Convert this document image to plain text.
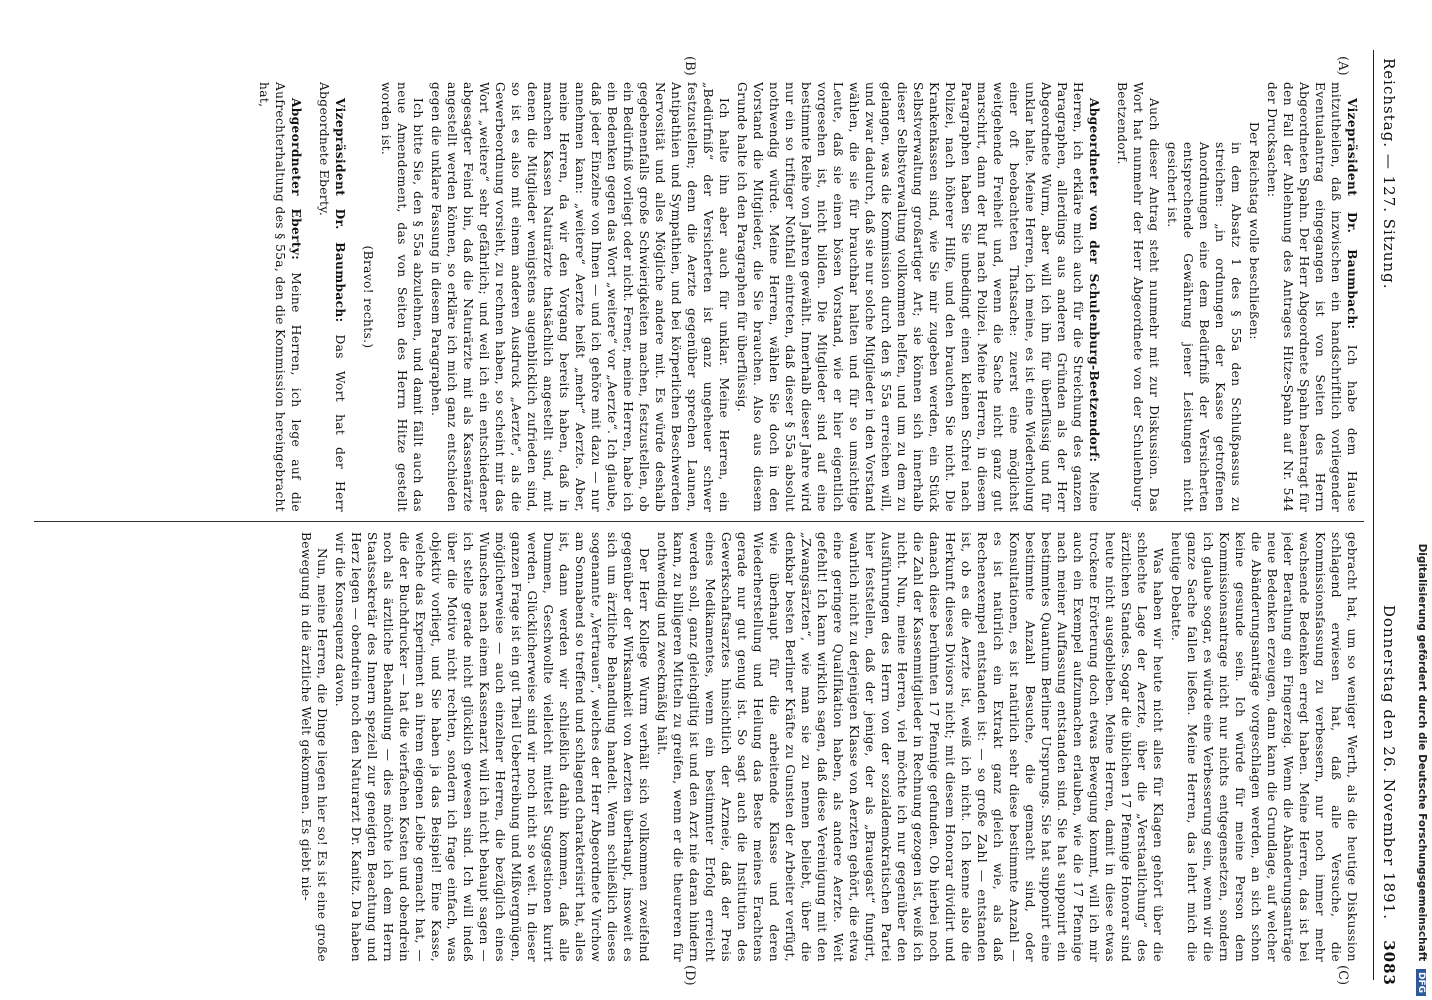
Reichstag. — 127. Sitzung.
Donnerstag den 26. November 1891.
3083
(A)
(B)
(C)
(D)

Vizepräsident Dr. Baumbach: Ich habe dem Hause mitzutheilen, daß inzwischen ein handschriftlich vorliegender Eventualantrag eingegangen ist von Seiten des Herrn Abgeordneten Spahn. Der Herr Abgeordnete Spahn beantragt für den Fall der Ablehnung des Antrages Hitze-Spahn auf Nr. 544 der Drucksachen:

Der Reichstag wolle beschließen:

in dem Absatz 1 des § 55a den Schlußpassus zu streichen: „in ordnungen der Kasse getroffenen Anordnungen eine dem Bedürfniß der Versicherten entsprechende Gewährung jener Leistungen nicht gesichert ist.

Auch dieser Antrag steht nunmehr mit zur Diskussion. Das Wort hat nunmehr der Herr Abgeordnete von der Schulenburg-Beetzendorf.

Abgeordneter von der Schulenburg-Beetzendorf: Meine Herren, ich erkläre mich auch für die Streichung des ganzen Paragraphen, allerdings aus anderen Gründen als der Herr Abgeordnete Wurm, aber will ich ihn für überflüssig und für unklar halte. Meine Herren, ich meine, es ist eine Wiederholung einer oft beobachteten Thatsache: zuerst eine möglichst weitgehende Freiheit und, wenn die Sache nicht ganz gut marschirt, dann der Ruf nach Polizei. Meine Herren, in diesem Paragraphen haben Sie unbedingt einen kleinen Schrei nach Polizei, nach höherer Hilfe, und den brauchen Sie nicht. Die Krankenkassen sind, wie Sie mir zugeben werden, ein Stück Selbstverwaltung großartiger Art; sie können sich innerhalb dieser Selbstverwaltung vollkommen helfen, und um zu dem zu gelangen, was die Kommission durch den § 55a erreichen will, und zwar dadurch, daß sie nur solche Mitglieder in den Vorstand wählen, die sie für brauchbar halten und für so umsichtige Leute, daß sie einen bösen Vorstand, wie er hier eigentlich vorgesehen ist, nicht bilden. Die Mitglieder sind auf eine bestimmte Reihe von Jahren gewählt. Innerhalb dieser Jahre wird nur ein so triftiger Nothfall eintreten, daß dieser § 55a absolut nothwendig würde. Meine Herren, wählen Sie doch in den Vorstand die Mitglieder, die Sie brauchen. Also aus diesem Grunde halte ich den Paragraphen für überflüssig.

Ich halte ihn aber auch für unklar. Meine Herren, ein „Bedürfniß“ der Versicherten ist ganz ungeheuer schwer festzustellen; denn die Aerzte gegenüber sprechen Launen, Antipathien und Sympathien, und bei körperlichen Beschwerden Nervosität und alles Mögliche andere mit. Es würde deshalb gegebenenfalls große Schwierigkeiten machen, festzustellen, ob ein Bedürfniß vorliegt oder nicht. Ferner, meine Herren, habe ich ein Bedenken gegen das Wort „weitere“ vor „Aerzte“. Ich glaube, daß jeder Einzelne von Ihnen — und ich gehöre mit dazu — nur annehmen kann: „weitere“ Aerzte heißt „mehr“ Aerzte. Aber, meine Herren, da wir den Vorgang bereits haben, daß in manchen Kassen Naturärzte thatsächlich angestellt sind, mit denen die Mitglieder wenigstens augenblicklich zufrieden sind, so ist es also mit einem anderen Ausdruck „Aerzte“, als die Gewerbeordnung vorsieht, zu rechnen haben, so scheint mir das Wort „weitere“ sehr gefährlich; und weil ich ein entschiedener abgesagter Feind bin, daß die Naturärzte mit als Kassenärzte angestellt werden können, so erkläre ich mich ganz entschieden gegen die unklare Fassung in diesem Paragraphen.

Ich bitte Sie, den § 55a abzulehnen, und damit fällt auch das neue Amendement, das von Seiten des Herrn Hitze gestellt worden ist.

(Bravo! rechts.)

Vizepräsident Dr. Baumbach: Das Wort hat der Herr Abgeordnete Eberty.

Abgeordneter Eberty: Meine Herren, ich lege auf die Aufrechterhaltung des § 55a, den die Kommission hereingebracht hat,

gebracht hat, um so weniger Werth, als die heutige Diskussion schlagend erwiesen hat, daß alle Versuche, die Kommissionsfassung zu verbessern, nur noch immer mehr wachsende Bedenken erregt haben. Meine Herren, das ist bei jeder Berathung ein Fingerzeig. Wenn die Abänderungsanträge neue Bedenken erzeugen, dann kann die Grundlage, auf welcher die Abänderungsanträge vorgeschlagen werden, an sich schon keine gesunde sein. Ich würde für meine Person dem Kommissionsantrage nicht nur nichts entgegensetzen, sondern ich glaube sogar, es würde eine Verbesserung sein, wenn wir die ganze Sache fallen ließen. Meine Herren, das lehrt mich die heutige Debatte.

Was haben wir heute nicht alles für Klagen gehört über die schlechte Lage der Aerzte, über die „Verstaatlichung“ des ärztlichen Standes. Sogar die üblichen 17 Pfennige Honorar sind heute nicht ausgeblieben. Meine Herren, damit in diese etwas trockene Erörterung doch etwas Bewegung kommt, will ich mir auch ein Exempel aufzumachen erlauben, wie die 17 Pfennige nach meiner Auffassung entstanden sind. Sie hat supponirt ein bestimmtes Quantum Berliner Ursprungs. Sie hat supponirt eine bestimmte Anzahl Besuche, die gemacht sind, oder Konsultationen, es ist natürlich sehr diese bestimmte Anzahl — es ist natürlich ein Extrakt ganz gleich wie, als daß Rechenexempel entstanden ist: — so große Zahl — entstanden ist, ob es die Aerzte ist, weiß ich nicht. Ich kenne also die Herkunft dieses Divisors nicht; mit diesem Honorar dividirt und danach diese berühmten 17 Pfennige gefunden. Ob hierbei noch die Zahl der Kassenmitglieder in Rechnung gezogen ist, weiß ich nicht. Nun, meine Herren, viel möchte ich nur gegenüber den Ausführungen des Herrn von der sozialdemokratischen Partei hier feststellen, daß der jenige, der als „Brauegast“ fungirt, wahrlich nicht zu derjenigen Klasse von Aerzten gehört, die etwa eine geringere Qualifikation haben, als andere Aerzte. Weit gefehlt! Ich kann wirklich sagen, daß diese Vereinigung mit den „Zwangsärzten“, wie man sie zu nennen beliebt, über die denkbar besten Berliner Kräfte zu Gunsten der Arbeiter verfügt, wie überhaupt für die arbeitende Klasse und deren Wiederherstellung und Heilung das Beste meines Erachtens gerade nur gut genug ist. So sagt auch die Institution des Gewerkschaftsarztes hinsichtlich der Arzneie, daß der Preis eines Medikamentes, wenn ein bestimmter Erfolg erreicht werden soll, ganz gleichgiltig ist und den Arzt nie daran hindern kann, zu billigeren Mitteln zu greifen, wenn er die theureren für nothwendig und zweckmäßig hält.

Der Herr Kollege Wurm verhält sich vollkommen zweifelnd gegenüber der Wirksamkeit von Aerzten überhaupt, insoweit es sich um ärztliche Behandlung handelt. Wenn schließlich dieses sogenannte „Vertrauen“, welches der Herr Abgeordnete Virchow am Sonnabend so treffend und schlagend charakterisirt hat, alles ist, dann werden wir schließlich dahin kommen, daß alle Dummen, Geschwollte vielleicht mittelst Suggestionen kurirt werden. Glücklicherweise sind wir noch nicht so weit. In dieser ganzen Frage ist ein gut Theil Uebertreibung und Mißvergnügen, möglicherweise — auch einzelner Herren, die bezüglich eines Wunsches nach einem Kassenarzt will ich nicht behaupt sagen — ich stelle gerade nicht glücklich gewesen sind. Ich will indeß über die Motive nicht rechten, sondern ich frage einfach, was objektiv vorliegt, und Sie haben ja das Beispiel! Eine Kasse, welche das Experiment an ihrem eigenen Leibe gemacht hat, — die der Buchdrucker — hat die vierfachen Kosten und obendrein noch als ärztliche Behandlung — dies möchte ich dem Herrn Staatssekretär des Innern speziell zur geneigten Beachtung und Herz legen — obendrein noch den Naturarzt Dr. Kanitz. Da haben wir die Konsequenz davon.

Nun, meine Herren, die Dinge liegen hier so! Es ist eine große Bewegung in die ärztliche Welt gekommen. Es giebt nie-	Digitalisierung gefördert durch die Deutsche Forschungsgemeinschaft DFG
